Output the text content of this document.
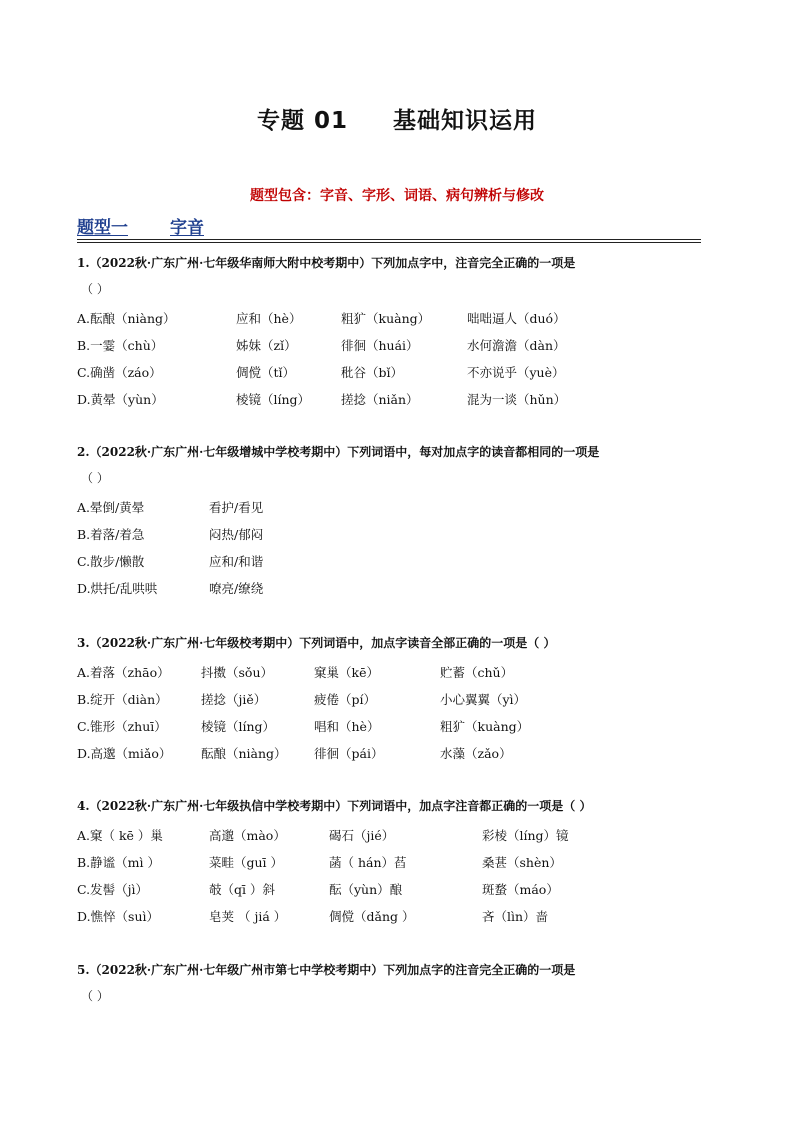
专题 01     基础知识运用
题型包含：字音、字形、词语、病句辨析与修改
题型一 字音
1.（2022秋·广东广州·七年级华南师大附中校考期中）下列加点字中，注音完全正确的一项是
（ ）
A.酝酿（niàng）	应和（hè）	粗犷（kuàng）	咄咄逼人（duó）
B.一霎（chù）	姊妹（zǐ）	徘徊（huái）	水何澹澹（dàn）
C.确凿（záo）	倜傥（tǐ）	秕谷（bǐ）	不亦说乎（yuè）
D.黄晕（yùn）	棱镜（líng） 搓捻（niǎn）	混为一谈（hǔn）
2.（2022秋·广东广州·七年级增城中学校考期中）下列词语中，每对加点字的读音都相同的一项是
（ ）
A.晕倒/黄晕	看护/看见
B.着落/着急	闷热/郁闷
C.散步/懒散	应和/和谐
D.烘托/乱哄哄	嘹亮/缭绕
3.（2022秋·广东广州·七年级校考期中）下列词语中，加点字读音全部正确的一项是（ ）
A.着落（zhāo）	抖擞（sǒu）	窠巢（kē）	贮蓄（chǔ）
B.绽开（diàn）	搓捻（jiě）	疲倦（pí）	小心翼翼（yì）
C.锥形（zhuī）	棱镜（líng）	唱和（hè）	粗犷（kuàng）
D.高邈（miǎo） 酝酿（niàng） 徘徊（pái）	水藻（zǎo）
4.（2022秋·广东广州·七年级执信中学校考期中）下列词语中，加点字注音都正确的一项是（ ）
A.窠（ kē ）巢	高邈（mào）	碣石（jié）	彩棱（líng）镜
B.静谧（mì ）	菜畦（guī ）	菡（ hán）萏	桑葚（shèn）
C.发髻（jì）	攲（qī ）斜	酝（yùn）酿	斑蝥（máo）
D.憔悴（suì）	皂荚 （ jiá ）	倜傥（dǎng ）	吝（lìn）啬
5.（2022秋·广东广州·七年级广州市第七中学校考期中）下列加点字的注音完全正确的一项是
（ ）
